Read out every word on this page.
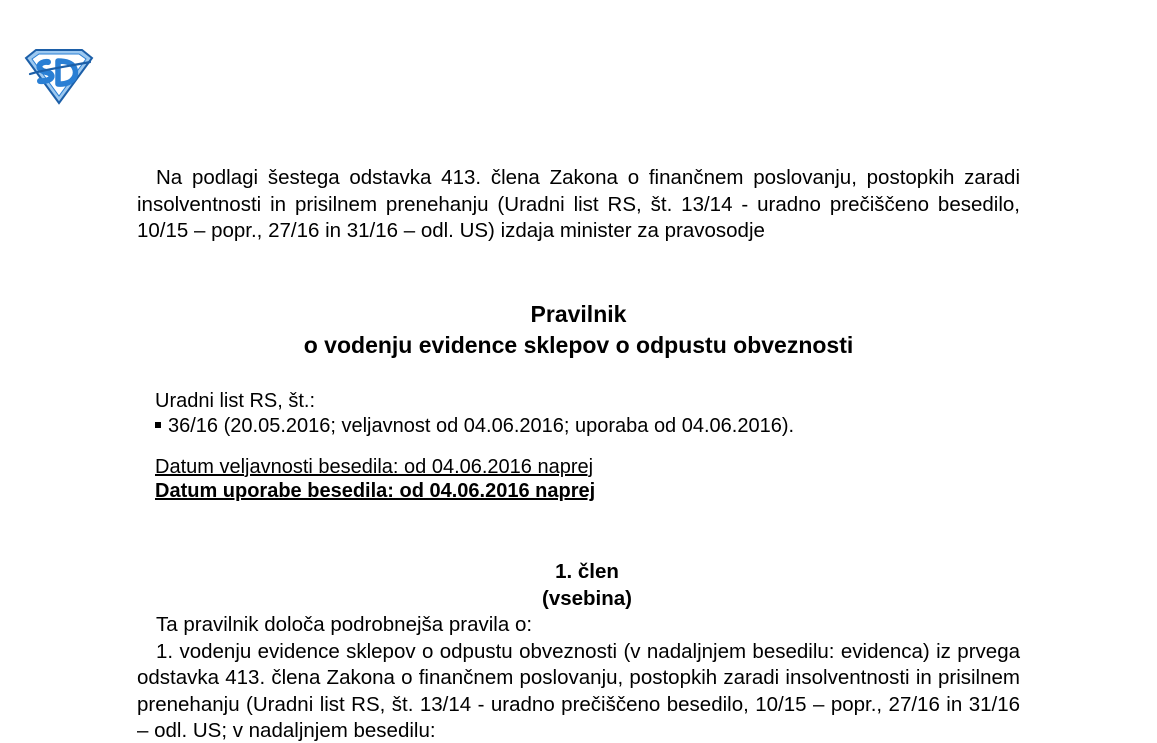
Na podlagi šestega odstavka 413. člena Zakona o finančnem poslovanju, postopkih zaradi insolventnosti in prisilnem prenehanju (Uradni list RS, št. 13/14 - uradno prečiščeno besedilo, 10/15 – popr., 27/16 in 31/16 – odl. US) izdaja minister za pravosodje

Pravilnik
o vodenju evidence sklepov o odpustu obveznosti
Uradni list RS, št.:
36/16 (20.05.2016; veljavnost od 04.06.2016; uporaba od 04.06.2016).
Datum veljavnosti besedila: od 04.06.2016 naprej
Datum uporabe besedila: od 04.06.2016 naprej
1. člen
(vsebina)

Ta pravilnik določa podrobnejša pravila o:

1. vodenju evidence sklepov o odpustu obveznosti (v nadaljnjem besedilu: evidenca) iz prvega odstavka 413. člena Zakona o finančnem poslovanju, postopkih zaradi insolventnosti in prisilnem prenehanju (Uradni list RS, št. 13/14 - uradno prečiščeno besedilo, 10/15 – popr., 27/16 in 31/16 – odl. US; v nadaljnjem besedilu:
